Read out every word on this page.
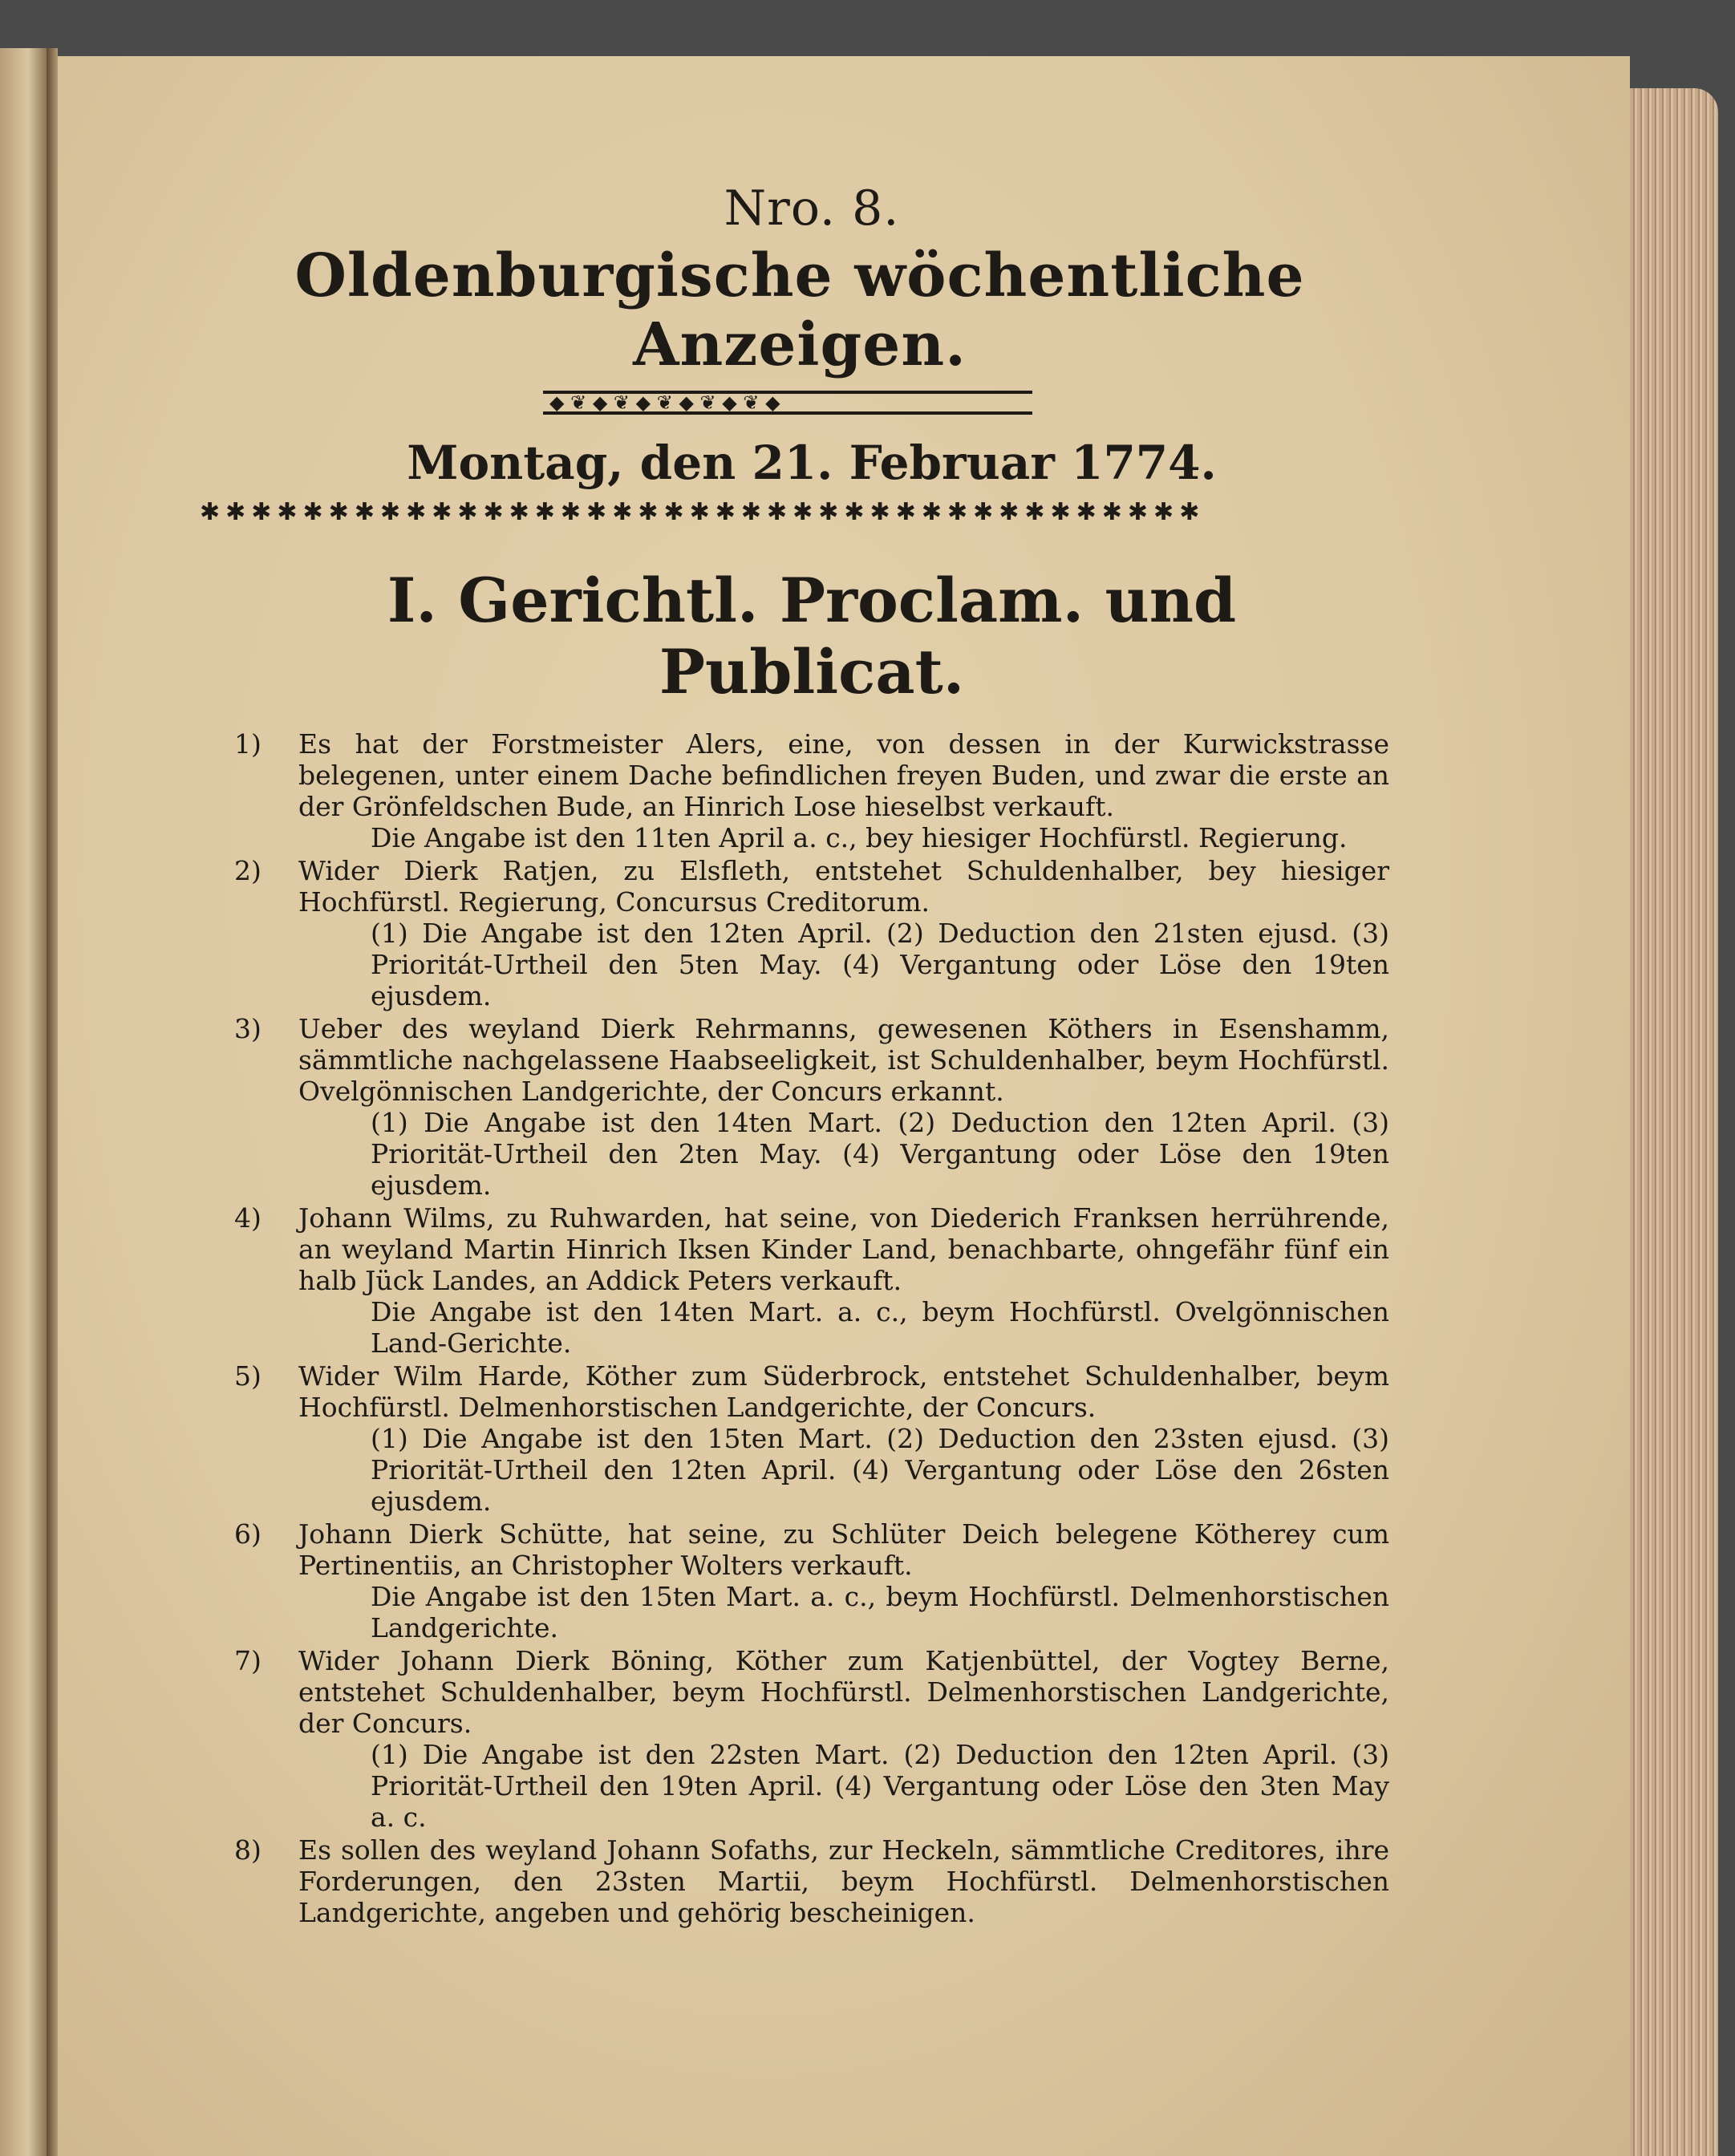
Nro. 8.
Oldenburgische wöchentliche Anzeigen.
◆ ❦ ◆ ❦ ◆ ❦ ◆ ❦ ◆ ❦ ◆
Montag, den 21. Februar 1774.
✱✱✱✱✱✱✱✱✱✱✱✱✱✱✱✱✱✱✱✱✱✱✱✱✱✱✱✱✱✱✱✱✱✱✱✱✱✱✱
I. Gerichtl. Proclam. und Publicat.
1) Es hat der Forstmeister Alers, eine, von dessen in der Kurwickstrasse belegenen, unter einem Dache befindlichen freyen Buden, und zwar die erste an der Grönfeldschen Bude, an Hinrich Lose hieselbst verkauft.

Die Angabe ist den 11ten April a. c., bey hiesiger Hochfürstl. Regierung.

2) Wider Dierk Ratjen, zu Elsfleth, entstehet Schuldenhalber, bey hiesiger Hochfürstl. Regierung, Concursus Creditorum.

(1) Die Angabe ist den 12ten April. (2) Deduction den 21sten ejusd. (3) Prioritát-Urtheil den 5ten May. (4) Vergantung oder Löse den 19ten ejusdem.

3) Ueber des weyland Dierk Rehrmanns, gewesenen Köthers in Esenshamm, sämmtliche nachgelassene Haabseeligkeit, ist Schuldenhalber, beym Hochfürstl. Ovelgönnischen Landgerichte, der Concurs erkannt.

(1) Die Angabe ist den 14ten Mart. (2) Deduction den 12ten April. (3) Priorität-Urtheil den 2ten May. (4) Vergantung oder Löse den 19ten ejusdem.

4) Johann Wilms, zu Ruhwarden, hat seine, von Diederich Franksen herrührende, an weyland Martin Hinrich Iksen Kinder Land, benachbarte, ohngefähr fünf ein halb Jück Landes, an Addick Peters verkauft.

Die Angabe ist den 14ten Mart. a. c., beym Hochfürstl. Ovelgönnischen Land-Gerichte.

5) Wider Wilm Harde, Köther zum Süderbrock, entstehet Schuldenhalber, beym Hochfürstl. Delmenhorstischen Landgerichte, der Concurs.

(1) Die Angabe ist den 15ten Mart. (2) Deduction den 23sten ejusd. (3) Priorität-Urtheil den 12ten April. (4) Vergantung oder Löse den 26sten ejusdem.

6) Johann Dierk Schütte, hat seine, zu Schlüter Deich belegene Kötherey cum Pertinentiis, an Christopher Wolters verkauft.

Die Angabe ist den 15ten Mart. a. c., beym Hochfürstl. Delmenhorstischen Landgerichte.

7) Wider Johann Dierk Böning, Köther zum Katjenbüttel, der Vogtey Berne, entstehet Schuldenhalber, beym Hochfürstl. Delmenhorstischen Landgerichte, der Concurs.

(1) Die Angabe ist den 22sten Mart. (2) Deduction den 12ten April. (3) Priorität-Urtheil den 19ten April. (4) Vergantung oder Löse den 3ten May a. c.

8) Es sollen des weyland Johann Sofaths, zur Heckeln, sämmtliche Creditores, ihre Forderungen, den 23sten Martii, beym Hochfürstl. Delmenhorstischen Landgerichte, angeben und gehörig bescheinigen.
